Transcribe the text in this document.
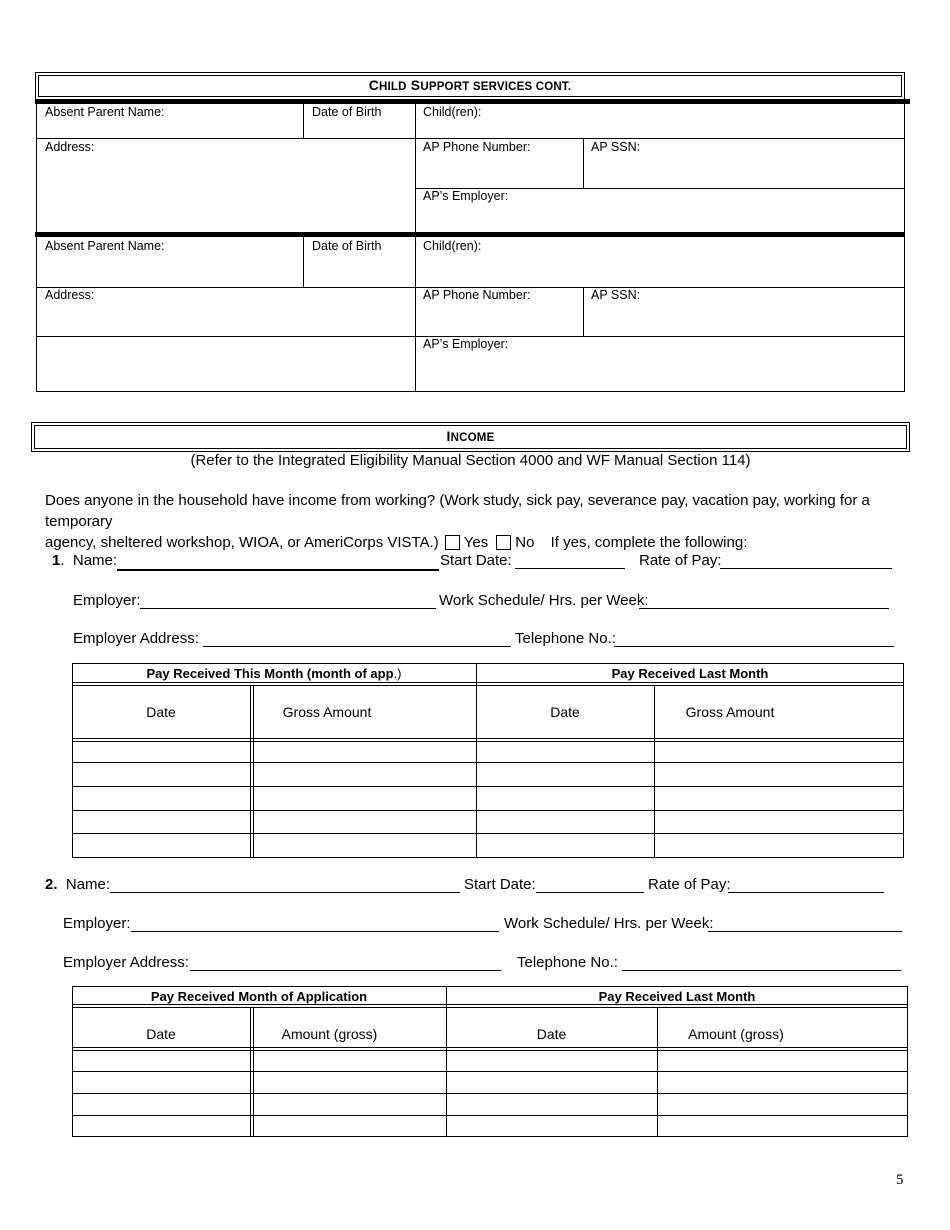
CHILD SUPPORT SERVICES CONT.
Absent Parent Name:	Date of Birth	Child(ren):
Address:	AP Phone Number:	AP SSN:
AP’s Employer:
Absent Parent Name:	Date of Birth	Child(ren):
Address:	AP Phone Number:	AP SSN:
AP’s Employer:
INCOME
(Refer to the Integrated Eligibility Manual Section 4000 and WF Manual Section 114)
Does anyone in the household have income from working? (Work study, sick pay, severance pay, vacation pay, working for a temporary
agency, sheltered workshop, WIOA, or AmeriCorps VISTA.) Yes No If yes, complete the following:
1.  Name:	Start Date:	Rate of Pay:
Employer:	Work Schedule/ Hrs. per Week:
Employer Address:	Telephone No.:
Pay Received This Month (month of app.)	Pay Received Last Month
Date	Gross Amount	Date	Gross Amount
2. Name:	Start Date:	Rate of Pay:
Employer:	Work Schedule/ Hrs. per Week:
Employer Address:	Telephone No.:
Pay Received Month of Application	Pay Received Last Month
Date	Amount (gross)	Date	Amount (gross)
5
